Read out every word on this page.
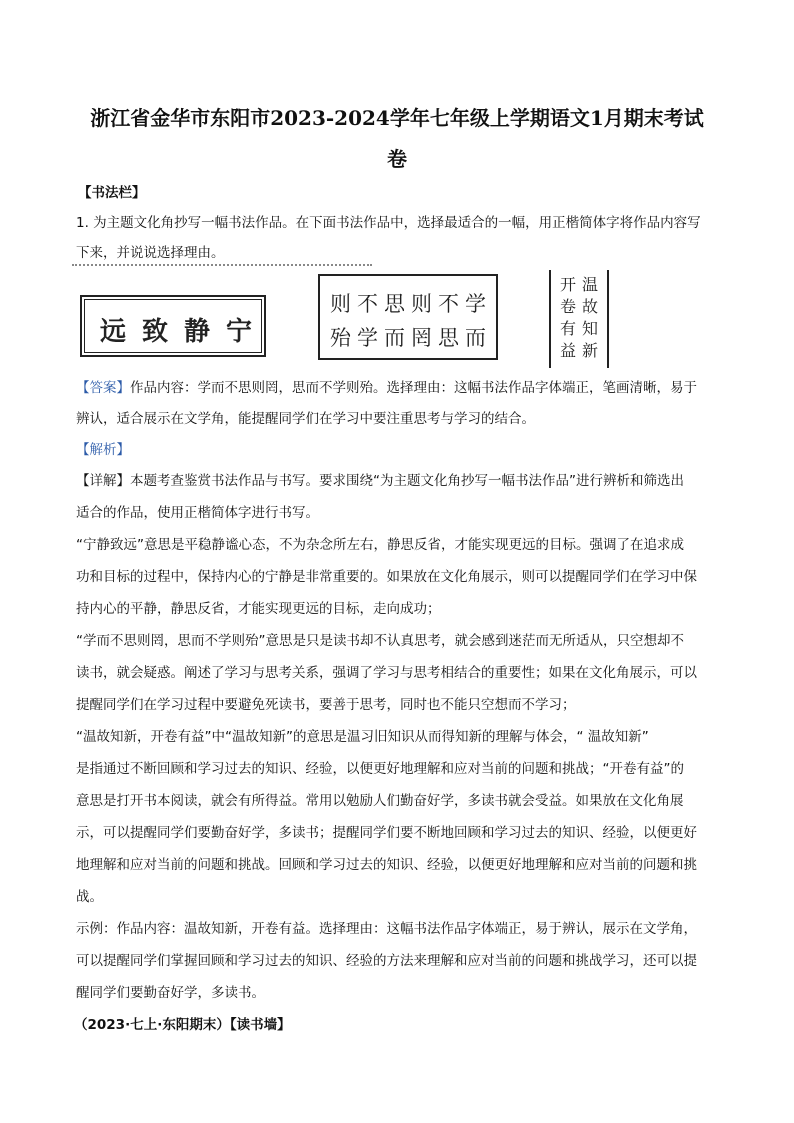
浙江省金华市东阳市2023-2024学年七年级上学期语文1月期末考试
卷
【书法栏】
1. 为主题文化角抄写一幅书法作品。在下面书法作品中，选择最适合的一幅，用正楷简体字将作品内容写
下来，并说说选择理由。
远 致 静 宁
则不思则不学
殆学而罔思而
温故知新
开卷有益
【答案】作品内容：学而不思则罔，思而不学则殆。选择理由：这幅书法作品字体端正，笔画清晰，易于
辨认，适合展示在文学角，能提醒同学们在学习中要注重思考与学习的结合。
【解析】
【详解】本题考查鉴赏书法作品与书写。要求围绕“为主题文化角抄写一幅书法作品”进行辨析和筛选出
适合的作品，使用正楷简体字进行书写。
“宁静致远”意思是平稳静谧心态，不为杂念所左右，静思反省，才能实现更远的目标。强调了在追求成
功和目标的过程中，保持内心的宁静是非常重要的。如果放在文化角展示，则可以提醒同学们在学习中保
持内心的平静，静思反省，才能实现更远的目标，走向成功；
“学而不思则罔，思而不学则殆”意思是只是读书却不认真思考，就会感到迷茫而无所适从，只空想却不
读书，就会疑惑。阐述了学习与思考关系，强调了学习与思考相结合的重要性；如果在文化角展示，可以
提醒同学们在学习过程中要避免死读书，要善于思考，同时也不能只空想而不学习；
“温故知新，开卷有益”中“温故知新”的意思是温习旧知识从而得知新的理解与体会，“ 温故知新”
是指通过不断回顾和学习过去的知识、经验，以便更好地理解和应对当前的问题和挑战；“开卷有益”的
意思是打开书本阅读，就会有所得益。常用以勉励人们勤奋好学，多读书就会受益。如果放在文化角展
示，可以提醒同学们要勤奋好学，多读书；提醒同学们要不断地回顾和学习过去的知识、经验，以便更好
地理解和应对当前的问题和挑战。回顾和学习过去的知识、经验，以便更好地理解和应对当前的问题和挑
战。
示例：作品内容：温故知新，开卷有益。选择理由：这幅书法作品字体端正，易于辨认，展示在文学角，
可以提醒同学们掌握回顾和学习过去的知识、经验的方法来理解和应对当前的问题和挑战学习，还可以提
醒同学们要勤奋好学，多读书。
（2023·七上·东阳期末）【读书墙】
